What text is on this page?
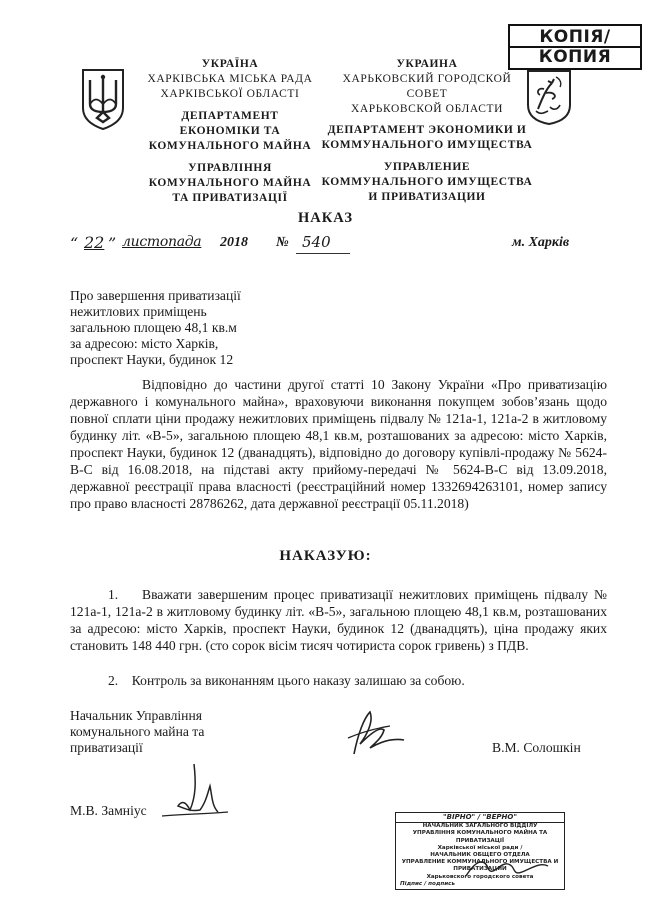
КОПІЯ/
КОПИЯ
УКРАЇНА
ХАРКІВСЬКА МІСЬКА РАДА
ХАРКІВСЬКОЇ ОБЛАСТІ
ДЕПАРТАМЕНТ
ЕКОНОМІКИ ТА
КОМУНАЛЬНОГО МАЙНА
УПРАВЛІННЯ
КОМУНАЛЬНОГО МАЙНА
ТА ПРИВАТИЗАЦІЇ
УКРАИНА
ХАРЬКОВСКИЙ ГОРОДСКОЙ
СОВЕТ
ХАРЬКОВСКОЙ ОБЛАСТИ
ДЕПАРТАМЕНТ ЭКОНОМИКИ И
КОММУНАЛЬНОГО ИМУЩЕСТВА
УПРАВЛЕНИЕ
КОММУНАЛЬНОГО ИМУЩЕСТВА
И ПРИВАТИЗАЦИИ
НАКАЗ
“ 22 ” листопада 2018 № 540	м. Харків
Про завершення приватизації
нежитлових приміщень
загальною площею 48,1 кв.м
за адресою: місто Харків,
проспект Науки, будинок 12
Відповідно до частини другої статті 10 Закону України «Про приватизацію державного і комунального майна», враховуючи виконання покупцем зобов’язань щодо повної сплати ціни продажу нежитлових приміщень підвалу № 121а-1, 121а-2 в житловому будинку літ. «В-5», загальною площею 48,1 кв.м, розташованих за адресою: місто Харків, проспект Науки, будинок 12 (дванадцять), відповідно до договору купівлі-продажу № 5624-В-С від 16.08.2018, на підставі акту прийому-передачі № 5624-В-С від 13.09.2018, державної реєстрації права власності (реєстраційний номер 1332694263101, номер запису про право власності 28786262, дата державної реєстрації 05.11.2018)
НАКАЗУЮ:
1. Вважати завершеним процес приватизації нежитлових приміщень підвалу № 121а-1, 121а-2 в житловому будинку літ. «В-5», загальною площею 48,1 кв.м, розташованих за адресою: місто Харків, проспект Науки, будинок 12 (дванадцять), ціна продажу яких становить 148 440 грн. (сто сорок вісім тисяч чотириста сорок гривень) з ПДВ.
2. Контроль за виконанням цього наказу залишаю за собою.
Начальник Управління
комунального майна та
приватизації	В.М. Солошкін
М.В. Замніус	"ВІРНО" / "ВЕРНО"
НАЧАЛЬНИК ЗАГАЛЬНОГО ВІДДІЛУ
УПРАВЛІННЯ КОМУНАЛЬНОГО МАЙНА ТА ПРИВАТИЗАЦІЇ
Харківської міської ради /
НАЧАЛЬНИК ОБЩЕГО ОТДЕЛА
УПРАВЛЕНИЕ КОММУНАЛЬНОГО ИМУЩЕСТВА И ПРИВАТИЗАЦИИ
Харьковского городского совета
Підпис / подпись
